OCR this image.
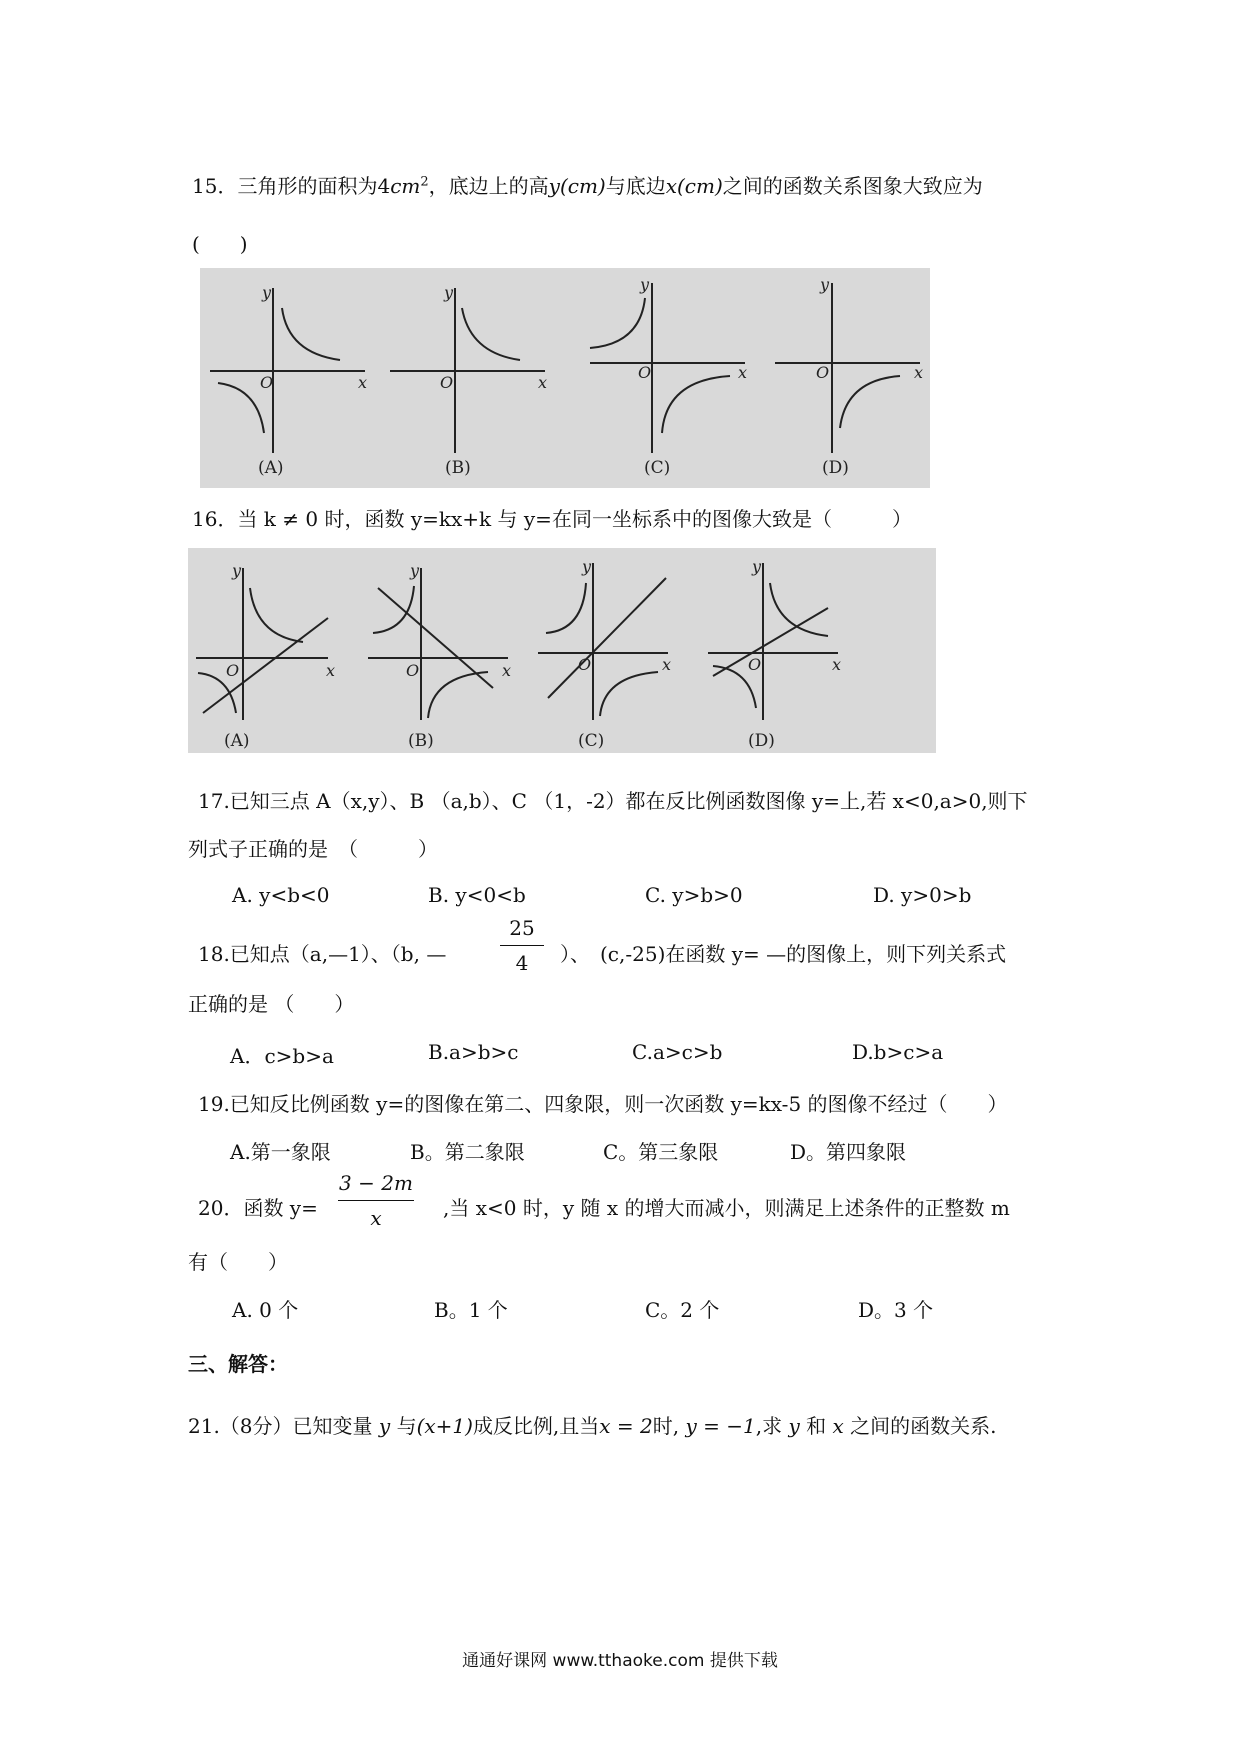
15．三角形的面积为$4cm^2$，底边上的高y(cm)与底边x(cm)之间的函数关系图象大致应为
(　　)
y
x
O
y
x
O
y
x
O
y
x
O
(A)	(B)	(C)	(D)
16．当 k ≠ 0 时，函数 y=kx+k 与 y=在同一坐标系中的图像大致是（　　　）
y
x
O
y
x
O
y
x
O
y
x
O
(A)	(B)	(C)	(D)
17.已知三点 A（x,y）、B （a,b）、C （1，-2）都在反比例函数图像 y=上,若 x<0,a>0,则下
列式子正确的是　（　　　）
A. y<b<0	B. y<0<b	C. y>b>0	D. y>0>b
18.已知点（a,—1）、（b, —
25
4	）、　(c,-25)在函数 y= —的图像上，则下列关系式
正确的是 （　　）
A．c>b>a	B.a>b>c	C.a>c>b	D.b>c>a
19.已知反比例函数 y=的图像在第二、四象限，则一次函数 y=kx-5 的图像不经过（　　）
A.第一象限	B。第二象限	C。第三象限	D。第四象限
20．函数 y=
3 − 2m
x	,当 x<0 时，y 随 x 的增大而减小，则满足上述条件的正整数 m
有（　　）
A. 0 个	B。1 个	C。2 个	D。3 个
三、解答：
21.（8分）已知变量 y 与(x+1)成反比例,且当x = 2时, y = −1,求 y 和 x 之间的函数关系.
通通好课网 www.tthaoke.com 提供下载
